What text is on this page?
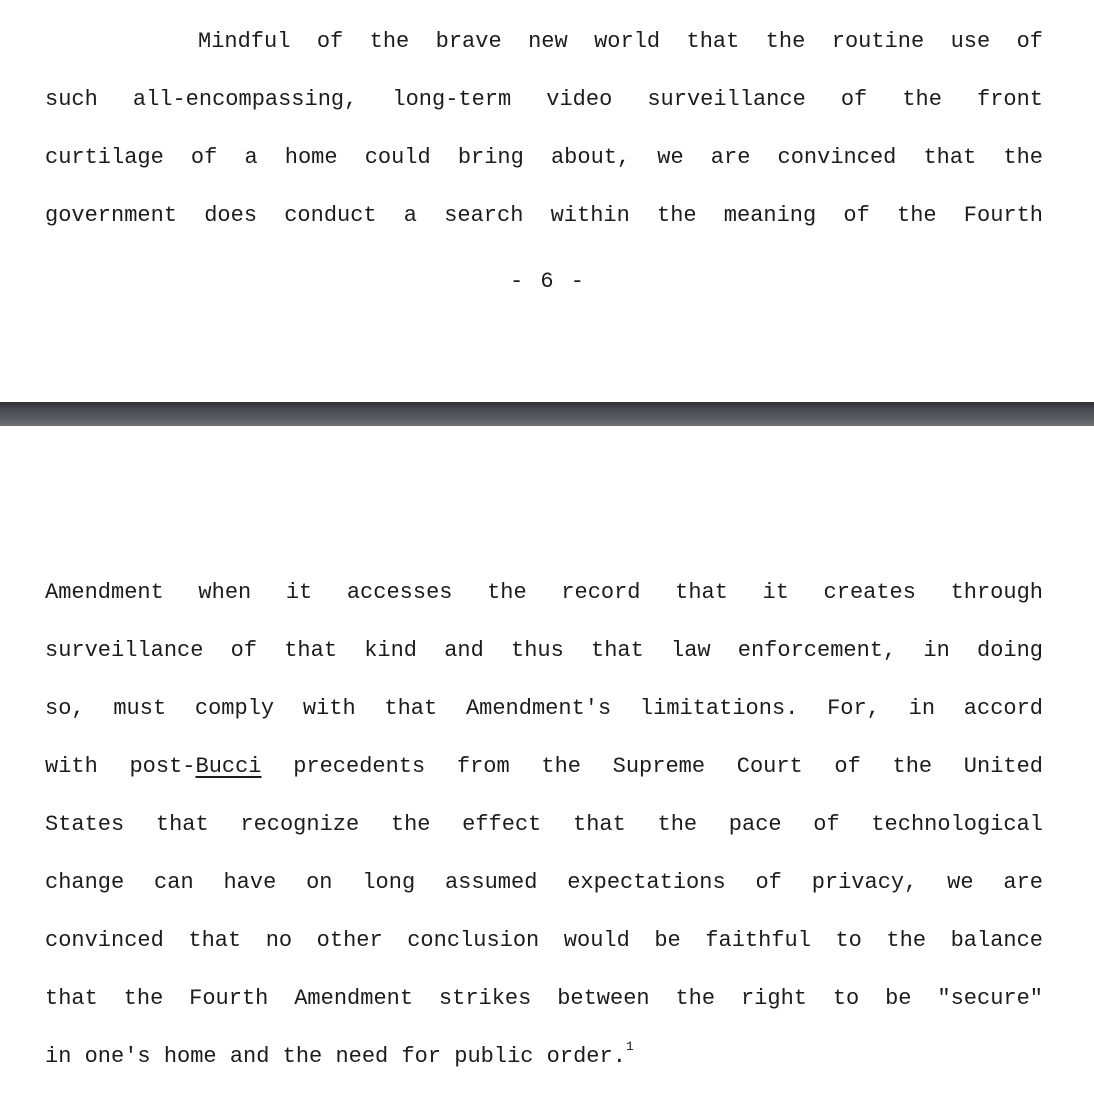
Mindful of the brave new world that the routine use of
such all-encompassing, long-term video surveillance of the front
curtilage of a home could bring about, we are convinced that the
government does conduct a search within the meaning of the Fourth
- 6 -
Amendment when it accesses the record that it creates through
surveillance of that kind and thus that law enforcement, in doing
so, must comply with that Amendment's limitations. For, in accord
with post-Bucci precedents from the Supreme Court of the United
States that recognize the effect that the pace of technological
change can have on long assumed expectations of privacy, we are
convinced that no other conclusion would be faithful to the balance
that the Fourth Amendment strikes between the right to be "secure"
in one's home and the need for public order.$^1$
